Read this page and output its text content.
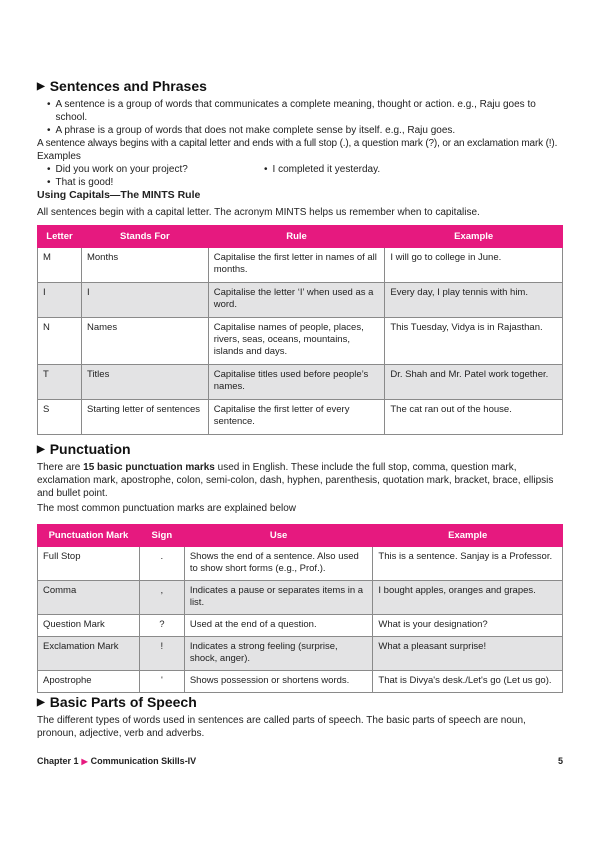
▶ Sentences and Phrases
• A sentence is a group of words that communicates a complete meaning, thought or action. e.g., Raju goes to school.
• A phrase is a group of words that does not make complete sense by itself. e.g., Raju goes.

A sentence always begins with a capital letter and ends with a full stop (.), a question mark (?), or an exclamation mark (!).

Examples

• Did you work on your project?	• I completed it yesterday.
• That is good!
Using Capitals—The MINTS Rule

All sentences begin with a capital letter. The acronym MINTS helps us remember when to capitalise.

Letter	Stands For	Rule	Example
M	Months	Capitalise the first letter in names of all months.	I will go to college in June.
I	I	Capitalise the letter ‘I’ when used as a word.	Every day, I play tennis with him.
N	Names	Capitalise names of people, places, rivers, seas, oceans, mountains, islands and days.	This Tuesday, Vidya is in Rajasthan.
T	Titles	Capitalise titles used before people’s names.	Dr. Shah and Mr. Patel work together.
S	Starting letter of sentences	Capitalise the first letter of every sentence.	The cat ran out of the house.
▶ Punctuation

There are 15 basic punctuation marks used in English. These include the full stop, comma, question mark, exclamation mark, apostrophe, colon, semi-colon, dash, hyphen, parenthesis, quotation mark, bracket, brace, ellipsis and bullet point.

The most common punctuation marks are explained below

Punctuation Mark	Sign	Use	Example
Full Stop	.	Shows the end of a sentence. Also used to show short forms (e.g., Prof.).	This is a sentence. Sanjay is a Professor.
Comma	,	Indicates a pause or separates items in a list.	I bought apples, oranges and grapes.
Question Mark	?	Used at the end of a question.	What is your designation?
Exclamation Mark	!	Indicates a strong feeling (surprise, shock, anger).	What a pleasant surprise!
Apostrophe	'	Shows possession or shortens words.	That is Divya's desk./Let's go (Let us go).
▶ Basic Parts of Speech

The different types of words used in sentences are called parts of speech. The basic parts of speech are noun, pronoun, adjective, verb and adverbs.

Chapter 1 ▶ Communication Skills-IV	5
